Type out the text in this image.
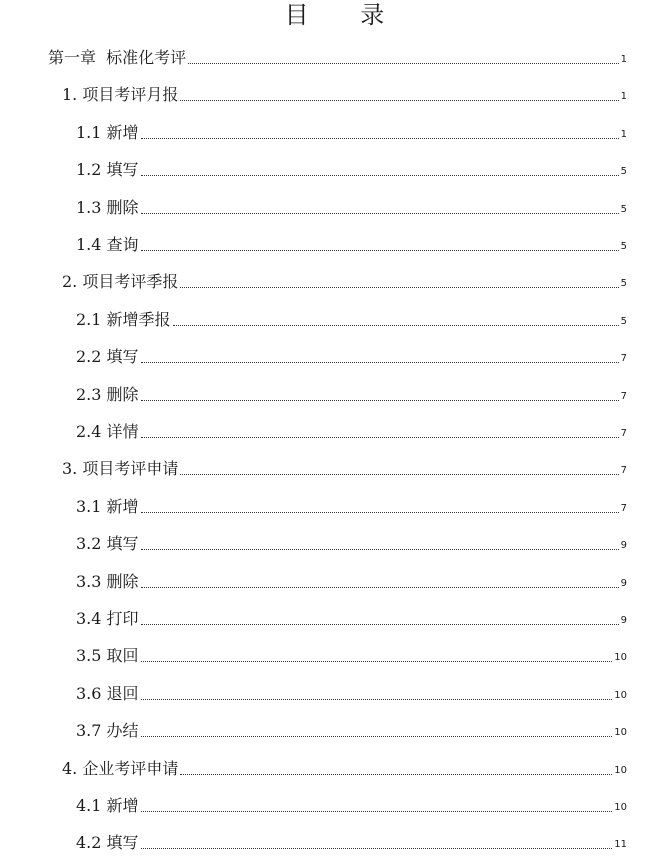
目 录
第一章  标准化考评	1
1. 项目考评月报	1
1.1 新增	1
1.2 填写	5
1.3 删除	5
1.4 查询	5
2. 项目考评季报	5
2.1 新增季报	5
2.2 填写	7
2.3 删除	7
2.4 详情	7
3. 项目考评申请	7
3.1 新增	7
3.2 填写	9
3.3 删除	9
3.4 打印	9
3.5 取回	10
3.6 退回	10
3.7 办结	10
4. 企业考评申请	10
4.1 新增	10
4.2 填写	11
